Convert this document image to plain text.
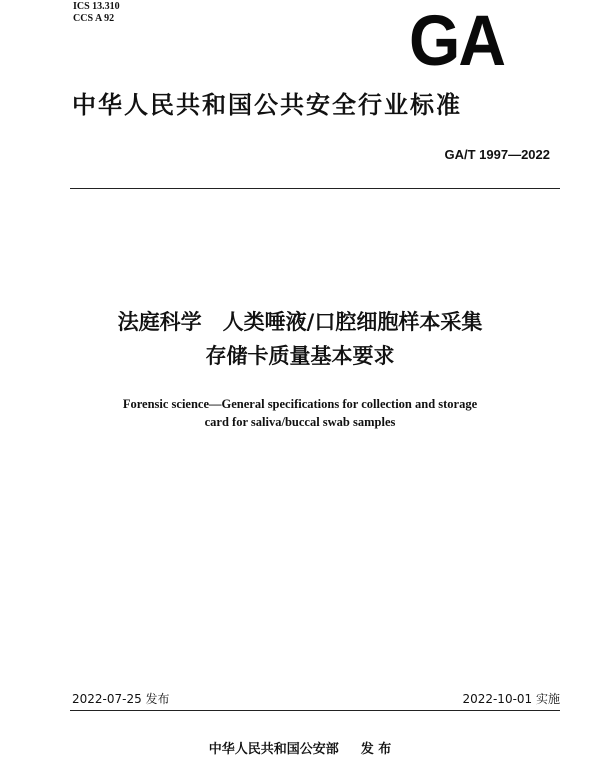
ICS 13.310
CCS A 92	GA
中华人民共和国公共安全行业标准
GA/T 1997—2022
法庭科学　人类唾液/口腔细胞样本采集
存储卡质量基本要求
Forensic science—General specifications for collection and storage
card for saliva/buccal swab samples
2022-07-25 发布	2022-10-01 实施
中华人民共和国公安部 发 布
